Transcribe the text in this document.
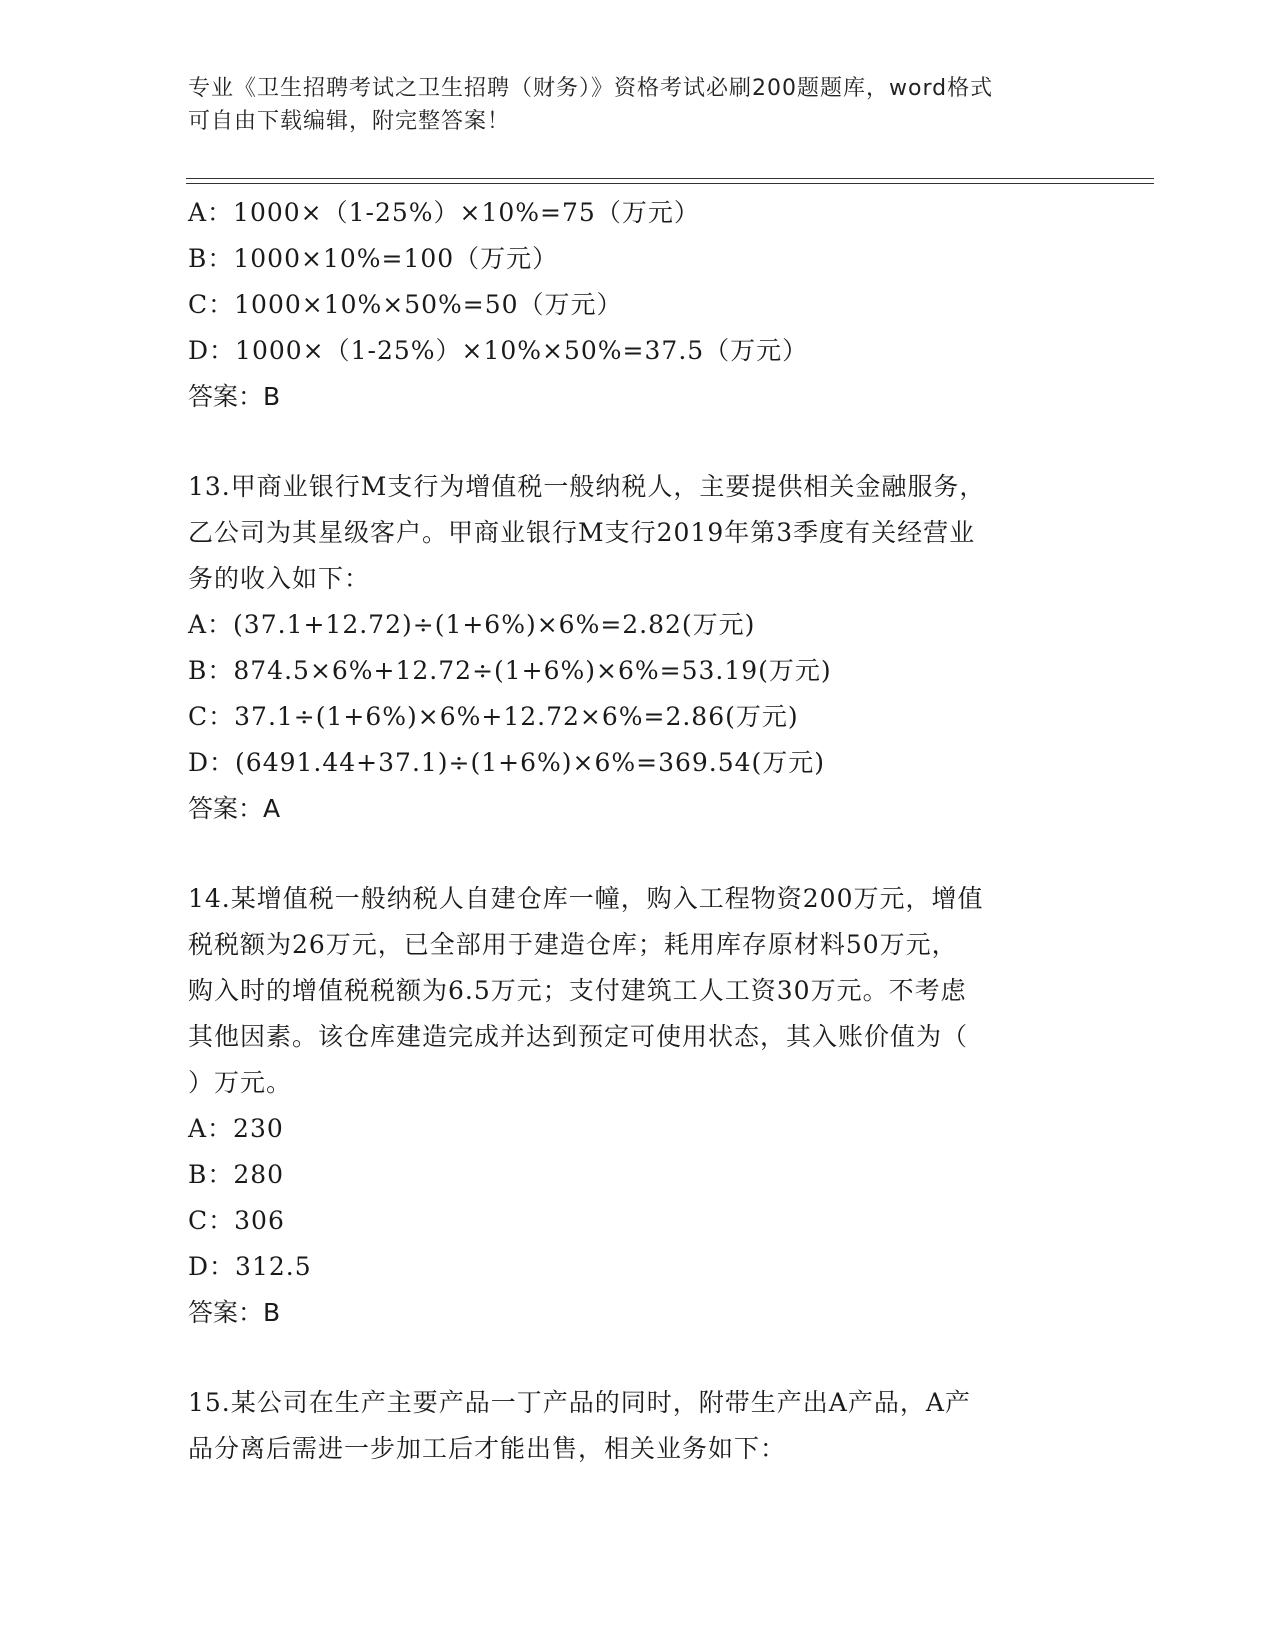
专业《卫生招聘考试之卫生招聘（财务）》资格考试必刷200题题库，word格式
可自由下载编辑，附完整答案！
A：1000×（1-25%）×10%=75（万元）
B：1000×10%=100（万元）
C：1000×10%×50%=50（万元）
D：1000×（1-25%）×10%×50%=37.5（万元）
答案：B
13.甲商业银行M支行为增值税一般纳税人，主要提供相关金融服务，
乙公司为其星级客户。甲商业银行M支行2019年第3季度有关经营业
务的收入如下：
A：(37.1+12.72)÷(1+6%)×6%=2.82(万元)
B：874.5×6%+12.72÷(1+6%)×6%=53.19(万元)
C：37.1÷(1+6%)×6%+12.72×6%=2.86(万元)
D：(6491.44+37.1)÷(1+6%)×6%=369.54(万元)
答案：A
14.某增值税一般纳税人自建仓库一幢，购入工程物资200万元，增值
税税额为26万元，已全部用于建造仓库；耗用库存原材料50万元，
购入时的增值税税额为6.5万元；支付建筑工人工资30万元。不考虑
其他因素。该仓库建造完成并达到预定可使用状态，其入账价值为（
）万元。
A：230
B：280
C：306
D：312.5
答案：B
15.某公司在生产主要产品一丁产品的同时，附带生产出A产品，A产
品分离后需进一步加工后才能出售，相关业务如下：
